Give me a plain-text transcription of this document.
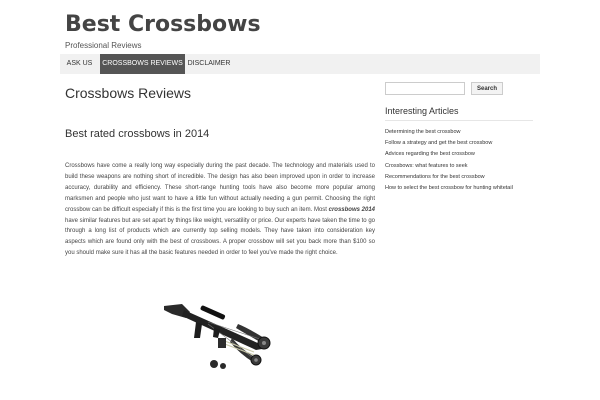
Best Crossbows
Professional Reviews
ASK US	CROSSBOWS REVIEWS DISCLAIMER
Crossbows Reviews
Best rated crossbows in 2014

Crossbows have come a really long way especially during the past decade. The technology and materials used to build these weapons are nothing short of incredible. The design has also been improved upon in order to increase accuracy, durability and efficiency. These short-range hunting tools have also become more popular among marksmen and people who just want to have a little fun without actually needing a gun permit. Choosing the right crossbow can be difficult especially if this is the first time you are looking to buy such an item. Most crossbows 2014 have similar features but are set apart by things like weight, versatility or price. Our experts have taken the time to go through a long list of products which are currently top selling models. They have taken into consideration key aspects which are found only with the best of crossbows. A proper crossbow will set you back more than $100 so you should make sure it has all the basic features needed in order to feel you've made the right choice.

Search
Interesting Articles
Determining the best crossbow
Follow a strategy and get the best crossbow
Advices regarding the best crossbow
Crossbows: what features to seek
Recommendations for the best crossbow
How to select the best crossbow for hunting whitetail
